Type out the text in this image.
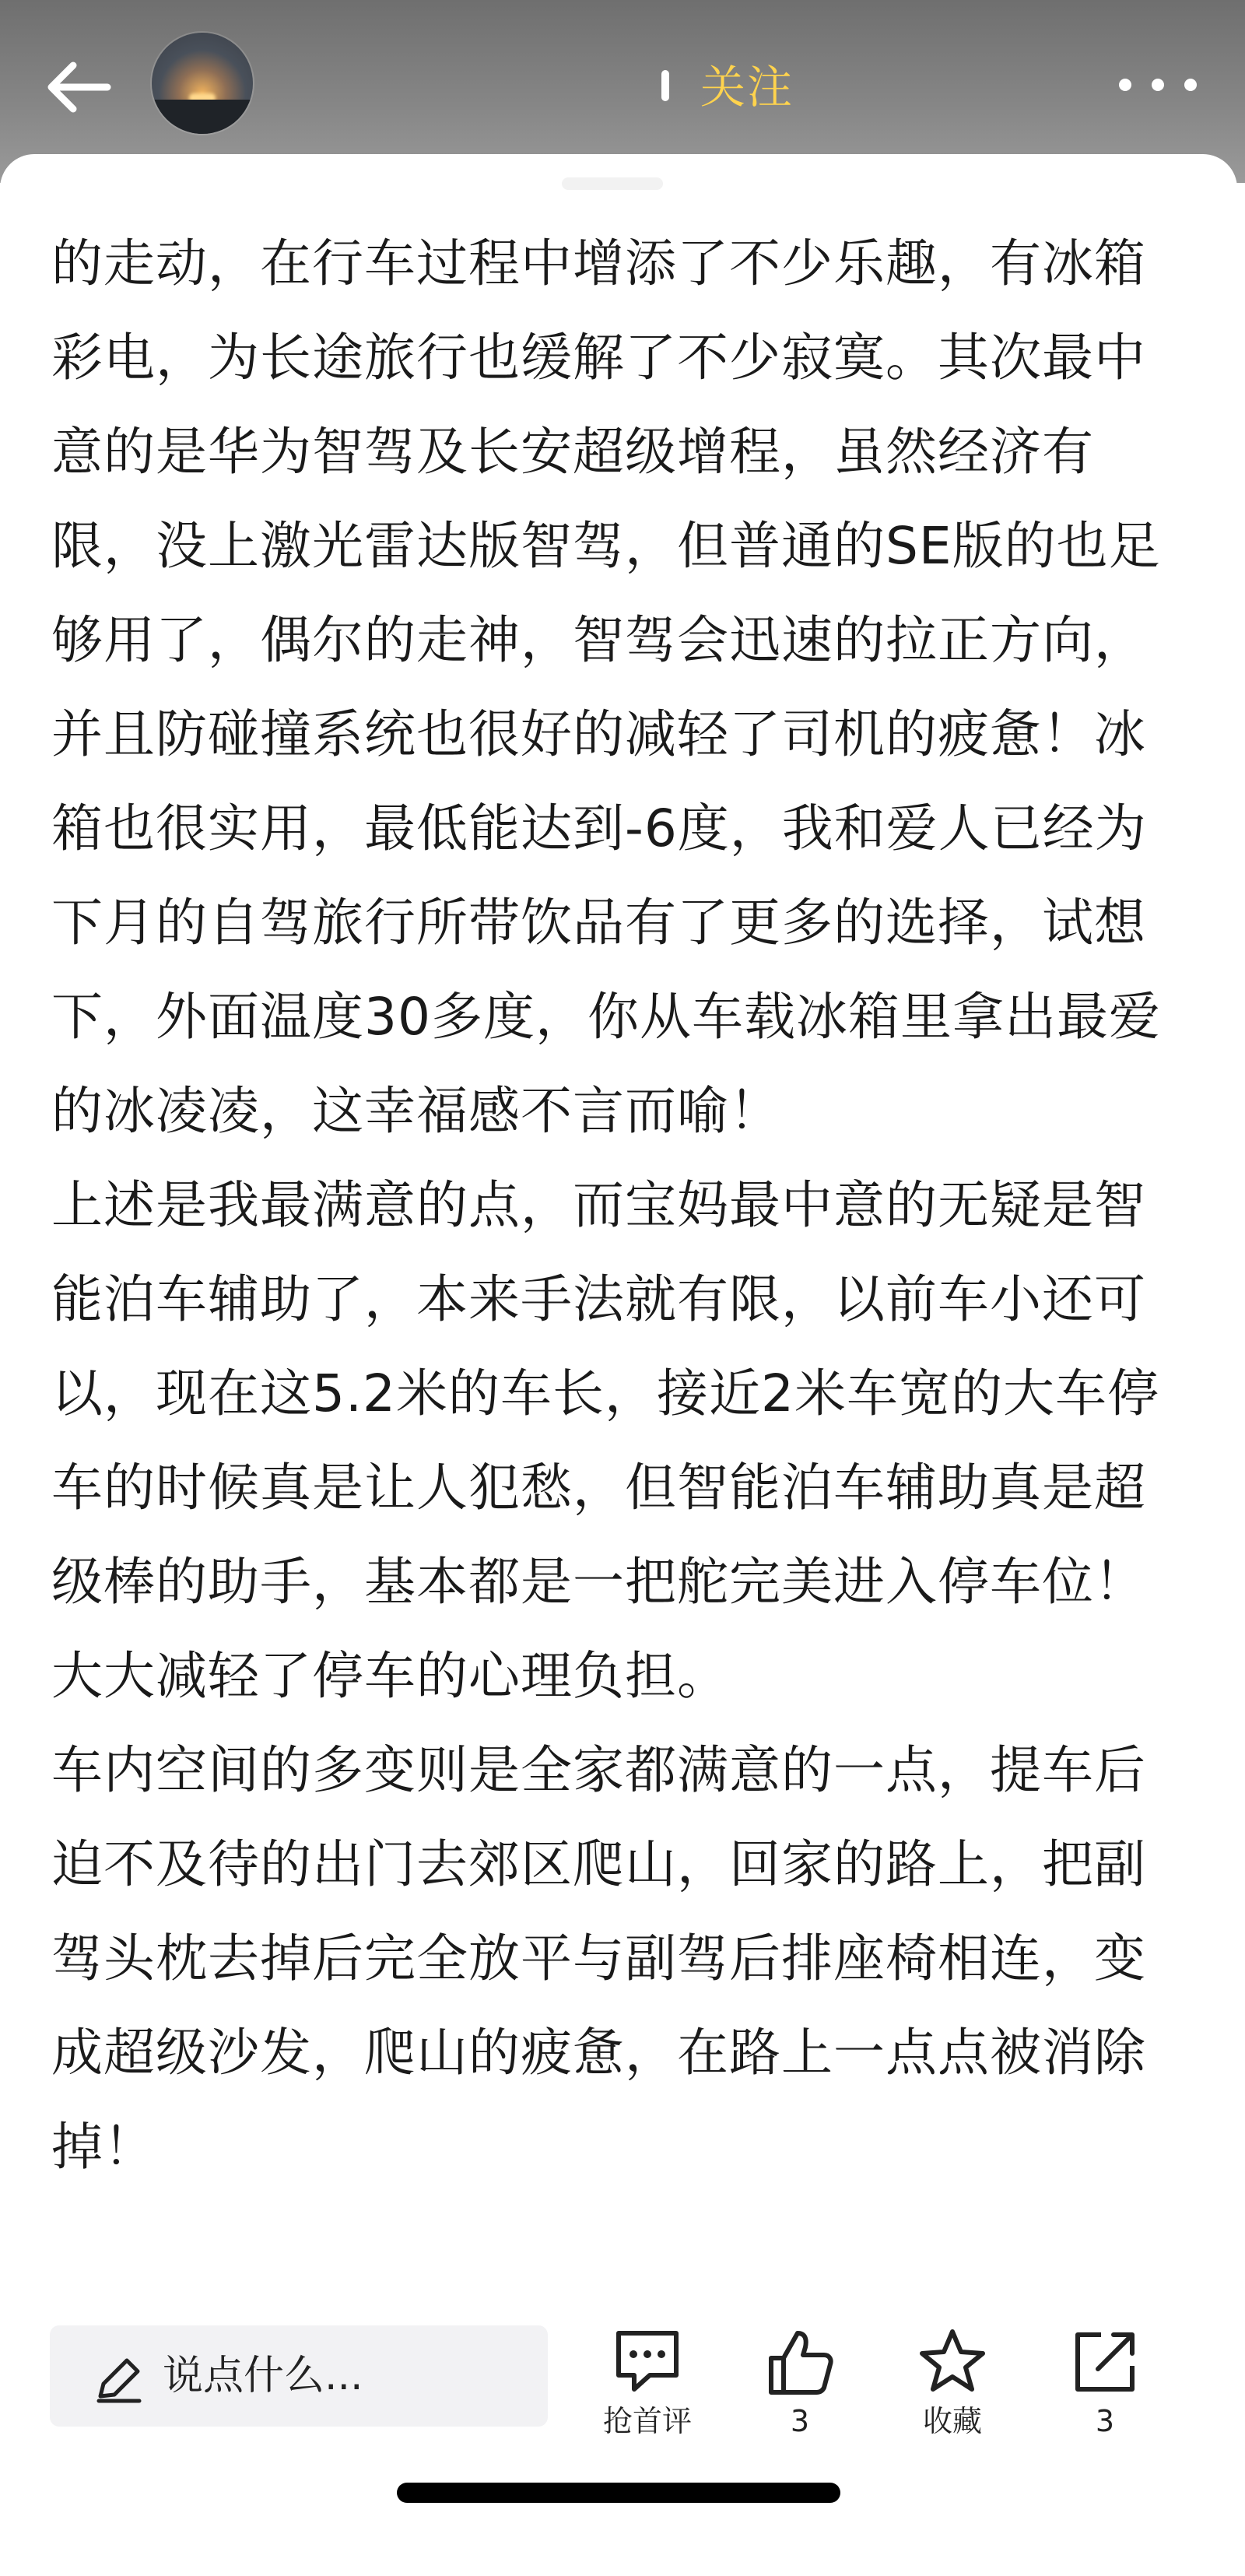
关注

的走动，在行车过程中增添了不少乐趣，有冰箱彩电，为长途旅行也缓解了不少寂寞。其次最中意的是华为智驾及长安超级增程，虽然经济有限，没上激光雷达版智驾，但普通的SE版的也足够用了，偶尔的走神，智驾会迅速的拉正方向，并且防碰撞系统也很好的减轻了司机的疲惫！冰箱也很实用，最低能达到-6度，我和爱人已经为下月的自驾旅行所带饮品有了更多的选择，试想下，外面温度30多度，你从车载冰箱里拿出最爱的冰凌凌，这幸福感不言而喻！

上述是我最满意的点，而宝妈最中意的无疑是智能泊车辅助了，本来手法就有限，以前车小还可以，现在这5.2米的车长，接近2米车宽的大车停车的时候真是让人犯愁，但智能泊车辅助真是超级棒的助手，基本都是一把舵完美进入停车位！大大减轻了停车的心理负担。

车内空间的多变则是全家都满意的一点，提车后迫不及待的出门去郊区爬山，回家的路上，把副驾头枕去掉后完全放平与副驾后排座椅相连，变成超级沙发，爬山的疲惫，在路上一点点被消除掉！

说点什么...
抢首评	3	收藏	3
